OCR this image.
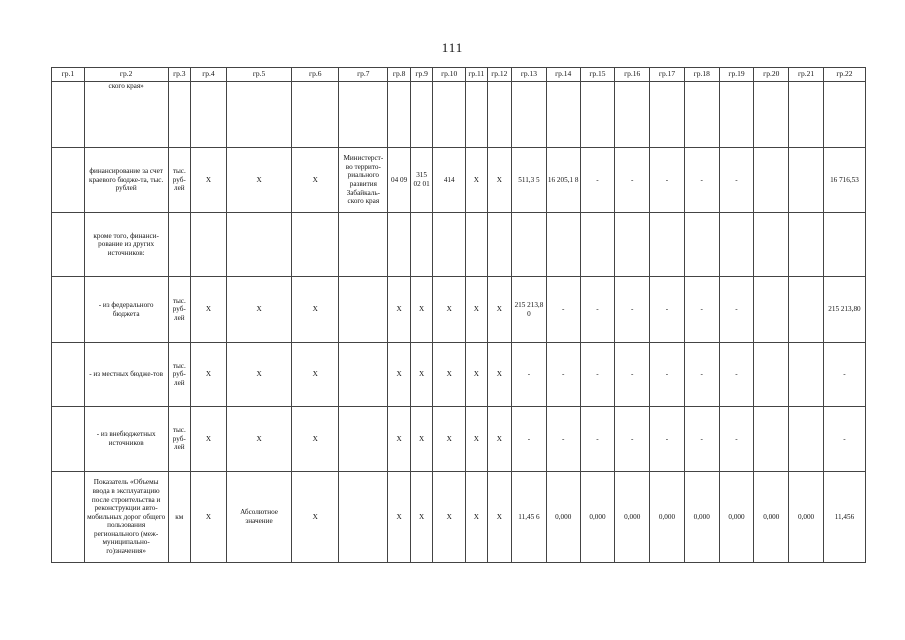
111
гр.1	гр.2	гр.3	гр.4	гр.5	гр.6	гр.7	гр.8	гр.9	гр.10	гр.11	гр.12	гр.13	гр.14	гр.15	гр.16	гр.17	гр.18	гр.19	гр.20	гр.21	гр.22
	ского края»																				
	финансирование за счет краевого бюдже-та, тыс. рублей	тыс. руб-лей	X	X	X	Министерст-во террито-риального развития Забайкаль-ского края	04 09	315 02 01	414	X	X	511,3 5	16 205,1 8	-	-	-	-	-			16 716,53
	кроме того, финанси-рование из других источников:																				
	- из федерального бюджета	тыс. руб-лей	X	X	X		X	X	X	X	X	215 213,8 0	-	-	-	-	-	-			215 213,80
	- из местных бюдже-тов	тыс. руб-лей	X	X	X		X	X	X	X	X	-	-	-	-	-	-	-			-
	- из внебюджетных источников	тыс. руб-лей	X	X	X		X	X	X	X	X	-	-	-	-	-	-	-			-
	Показатель «Объемы ввода в эксплуатацию после строительства и реконструкции авто-мобильных дорог общего пользования регионального (меж-муниципально-го)значения»	км	X	Абсолютное значение	X		X	X	X	X	X	11,45 6	0,000	0,000	0,000	0,000	0,000	0,000	0,000	0,000	11,456
